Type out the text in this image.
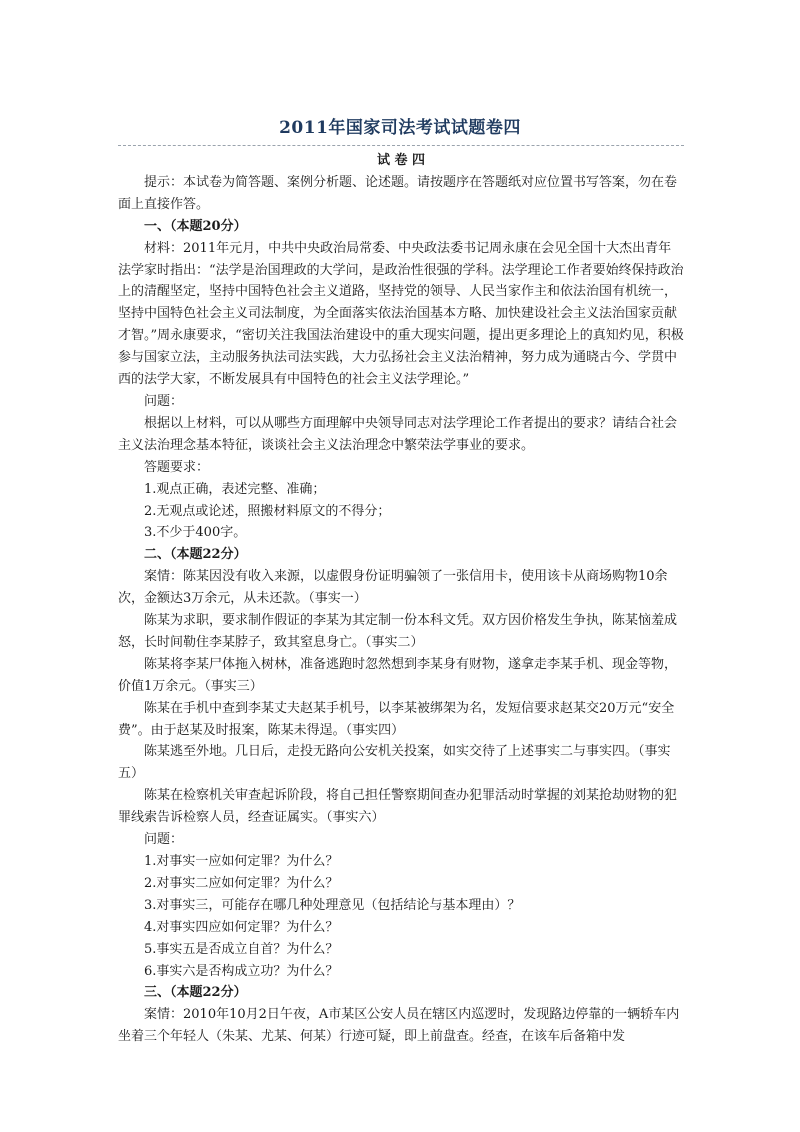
2011年国家司法考试试题卷四

试 卷 四

提示：本试卷为简答题、案例分析题、论述题。请按题序在答题纸对应位置书写答案，勿在卷面上直接作答。

一、（本题20分）

材料：2011年元月，中共中央政治局常委、中央政法委书记周永康在会见全国十大杰出青年法学家时指出：“法学是治国理政的大学问，是政治性很强的学科。法学理论工作者要始终保持政治上的清醒坚定，坚持中国特色社会主义道路，坚持党的领导、人民当家作主和依法治国有机统一，坚持中国特色社会主义司法制度，为全面落实依法治国基本方略、加快建设社会主义法治国家贡献才智。”周永康要求，“密切关注我国法治建设中的重大现实问题，提出更多理论上的真知灼见，积极参与国家立法，主动服务执法司法实践，大力弘扬社会主义法治精神，努力成为通晓古今、学贯中西的法学大家，不断发展具有中国特色的社会主义法学理论。”

问题：

根据以上材料，可以从哪些方面理解中央领导同志对法学理论工作者提出的要求？请结合社会主义法治理念基本特征，谈谈社会主义法治理念中繁荣法学事业的要求。

答题要求：

1.观点正确，表述完整、准确；

2.无观点或论述，照搬材料原文的不得分；

3.不少于400字。

二、（本题22分）

案情：陈某因没有收入来源，以虚假身份证明骗领了一张信用卡，使用该卡从商场购物10余次，金额达3万余元，从未还款。（事实一）

陈某为求职，要求制作假证的李某为其定制一份本科文凭。双方因价格发生争执，陈某恼羞成怒，长时间勒住李某脖子，致其窒息身亡。（事实二）

陈某将李某尸体拖入树林，准备逃跑时忽然想到李某身有财物，遂拿走李某手机、现金等物，价值1万余元。（事实三）

陈某在手机中查到李某丈夫赵某手机号，以李某被绑架为名，发短信要求赵某交20万元“安全费”。由于赵某及时报案，陈某未得逞。（事实四）

陈某逃至外地。几日后，走投无路向公安机关投案，如实交待了上述事实二与事实四。（事实五）

陈某在检察机关审查起诉阶段，将自己担任警察期间查办犯罪活动时掌握的刘某抢劫财物的犯罪线索告诉检察人员，经查证属实。（事实六）

问题：

1.对事实一应如何定罪？为什么？

2.对事实二应如何定罪？为什么？

3.对事实三，可能存在哪几种处理意见（包括结论与基本理由）？

4.对事实四应如何定罪？为什么？

5.事实五是否成立自首？为什么？

6.事实六是否构成立功？为什么？

三、（本题22分）

案情：2010年10月2日午夜，A市某区公安人员在辖区内巡逻时，发现路边停靠的一辆轿车内坐着三个年轻人（朱某、尤某、何某）行迹可疑，即上前盘查。经查，在该车后备箱中发
